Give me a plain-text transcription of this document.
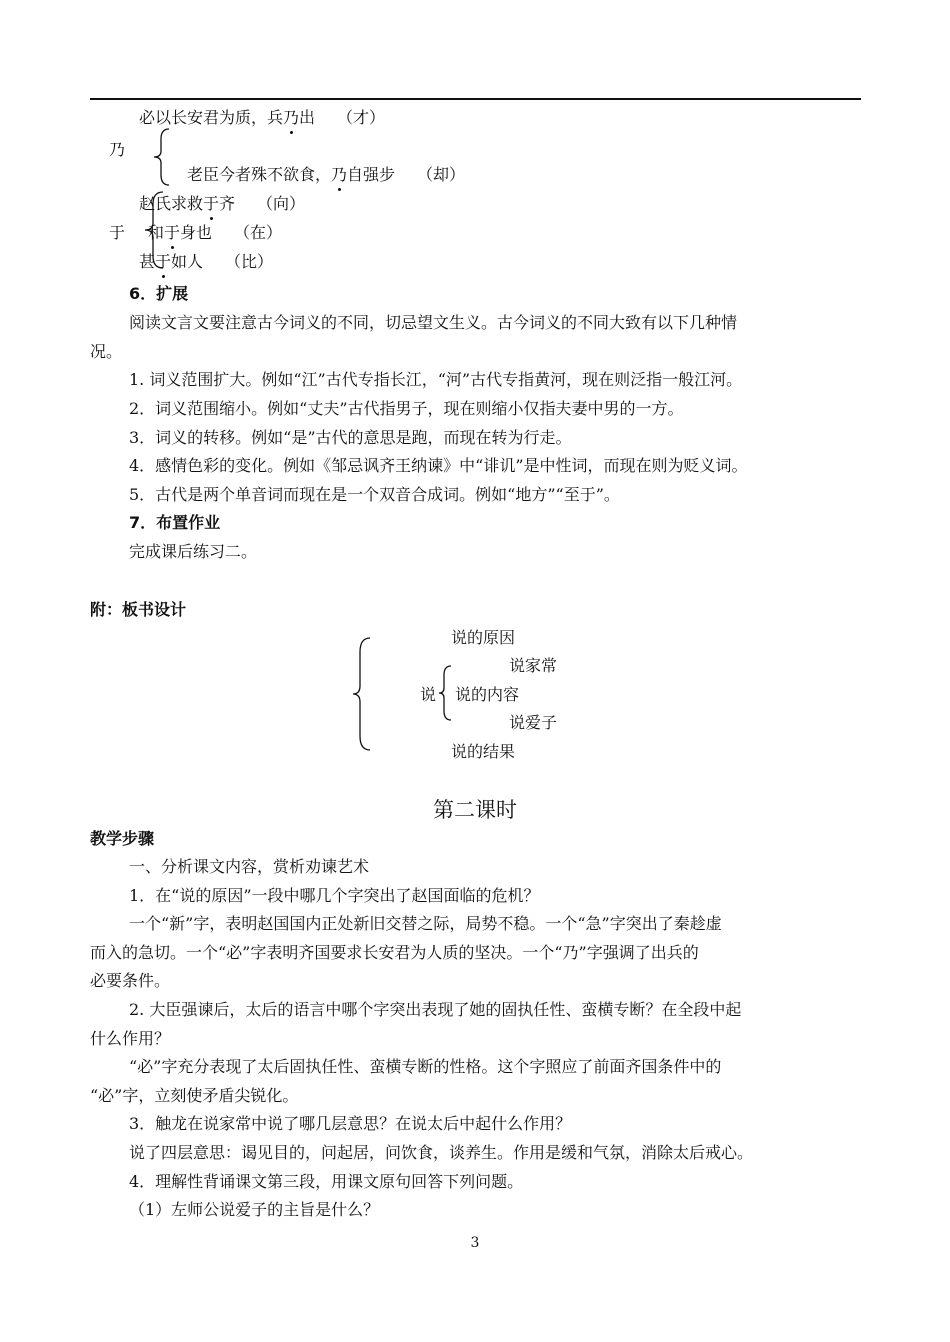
必以长安君为质，兵乃出 （才）
乃
老臣今者殊不欲食，乃自强步 （却）
赵氏求救于齐 （向）
于 和于身也 （在）
甚于如人 （比）
6．扩展
阅读文言文要注意古今词义的不同，切忌望文生义。古今词义的不同大致有以下几种情
况。
1. 词义范围扩大。例如“江”古代专指长江，“河”古代专指黄河，现在则泛指一般江河。
2．词义范围缩小。例如“丈夫”古代指男子，现在则缩小仅指夫妻中男的一方。
3．词义的转移。例如“是”古代的意思是跑，而现在转为行走。
4．感情色彩的变化。例如《邹忌讽齐王纳谏》中“诽讥”是中性词，而现在则为贬义词。
5．古代是两个单音词而现在是一个双音合成词。例如“地方”“至于”。
7．布置作业
完成课后练习二。
附：板书设计
说的原因
说家常
说 说的内容
说爱子
说的结果
第二课时
教学步骤
一、分析课文内容，赏析劝谏艺术
1．在“说的原因”一段中哪几个字突出了赵国面临的危机？
一个“新”字，表明赵国国内正处新旧交替之际，局势不稳。一个“急”字突出了秦趁虚
而入的急切。一个“必”字表明齐国要求长安君为人质的坚决。一个“乃”字强调了出兵的
必要条件。
2. 大臣强谏后，太后的语言中哪个字突出表现了她的固执任性、蛮横专断？在全段中起
什么作用？
“必”字充分表现了太后固执任性、蛮横专断的性格。这个字照应了前面齐国条件中的
“必”字，立刻使矛盾尖锐化。
3．触龙在说家常中说了哪几层意思？在说太后中起什么作用？
说了四层意思：谒见目的，问起居，问饮食，谈养生。作用是缓和气氛，消除太后戒心。
4．理解性背诵课文第三段，用课文原句回答下列问题。
（1）左师公说爱子的主旨是什么？
3
